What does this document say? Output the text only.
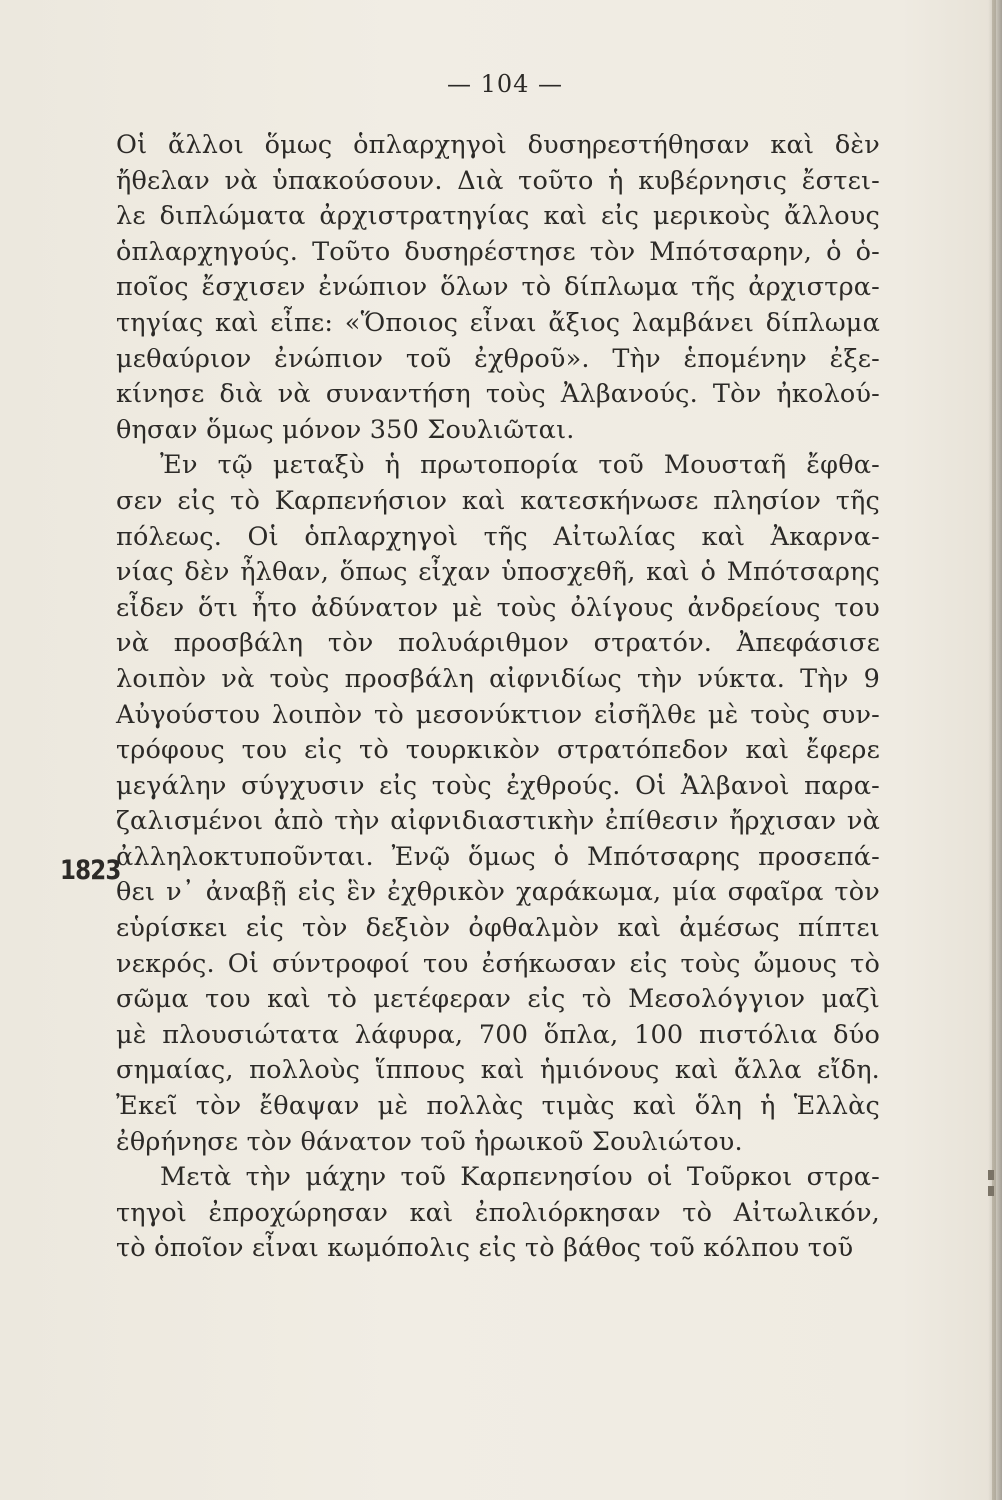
— 104 —
1823
Οἱ ἄλλοι ὅμως ὁπλαρχηγοὶ δυσηρεστήθησαν καὶ δὲν
ἤθελαν νὰ ὑπακούσουν. Διὰ τοῦτο ἡ κυβέρνησις ἔστει-
λε διπλώματα ἀρχιστρατηγίας καὶ εἰς μερικοὺς ἄλλους
ὁπλαρχηγούς. Τοῦτο δυσηρέστησε τὸν Μπότσαρην, ὁ ὁ-
ποῖος ἔσχισεν ἐνώπιον ὅλων τὸ δίπλωμα τῆς ἀρχιστρα-
τηγίας καὶ εἶπε: «Ὅποιος εἶναι ἄξιος λαμβάνει δίπλωμα
μεθαύριον ἐνώπιον τοῦ ἐχθροῦ». Τὴν ἑπομένην ἐξε-
κίνησε διὰ νὰ συναντήση τοὺς Ἀλβανούς. Τὸν ἠκολού-
θησαν ὅμως μόνον 350 Σουλιῶται.
Ἐν τῷ μεταξὺ ἡ πρωτοπορία τοῦ Μουσταῆ ἔφθα-
σεν εἰς τὸ Καρπενήσιον καὶ κατεσκήνωσε πλησίον τῆς
πόλεως. Οἱ ὁπλαρχηγοὶ τῆς Αἰτωλίας καὶ Ἀκαρνα-
νίας δὲν ἦλθαν, ὅπως εἶχαν ὑποσχεθῆ, καὶ ὁ Μπότσαρης
εἶδεν ὅτι ἦτο ἀδύνατον μὲ τοὺς ὀλίγους ἀνδρείους του
νὰ προσβάλη τὸν πολυάριθμον στρατόν. Ἀπεφάσισε
λοιπὸν νὰ τοὺς προσβάλη αἰφνιδίως τὴν νύκτα. Τὴν 9
Αὐγούστου λοιπὸν τὸ μεσονύκτιον εἰσῆλθε μὲ τοὺς συν-
τρόφους του εἰς τὸ τουρκικὸν στρατόπεδον καὶ ἔφερε
μεγάλην σύγχυσιν εἰς τοὺς ἐχθρούς. Οἱ Ἀλβανοὶ παρα-
ζαλισμένοι ἀπὸ τὴν αἰφνιδιαστικὴν ἐπίθεσιν ἤρχισαν νὰ
ἀλληλοκτυποῦνται. Ἐνῷ ὅμως ὁ Μπότσαρης προσεπά-
θει ν᾿ ἀναβῇ εἰς ἓν ἐχθρικὸν χαράκωμα, μία σφαῖρα τὸν
εὑρίσκει εἰς τὸν δεξιὸν ὀφθαλμὸν καὶ ἀμέσως πίπτει
νεκρός. Οἱ σύντροφοί του ἐσήκωσαν εἰς τοὺς ὤμους τὸ
σῶμα του καὶ τὸ μετέφεραν εἰς τὸ Μεσολόγγιον μαζὶ
μὲ πλουσιώτατα λάφυρα, 700 ὅπλα, 100 πιστόλια δύο
σημαίας, πολλοὺς ἵππους καὶ ἡμιόνους καὶ ἄλλα εἴδη.
Ἐκεῖ τὸν ἔθαψαν μὲ πολλὰς τιμὰς καὶ ὅλη ἡ Ἑλλὰς
ἐθρήνησε τὸν θάνατον τοῦ ἡρωικοῦ Σουλιώτου.
Μετὰ τὴν μάχην τοῦ Καρπενησίου οἱ Τοῦρκοι στρα-
τηγοὶ ἐπροχώρησαν καὶ ἐπολιόρκησαν τὸ Αἰτωλικόν,
τὸ ὁποῖον εἶναι κωμόπολις εἰς τὸ βάθος τοῦ κόλπου τοῦ
